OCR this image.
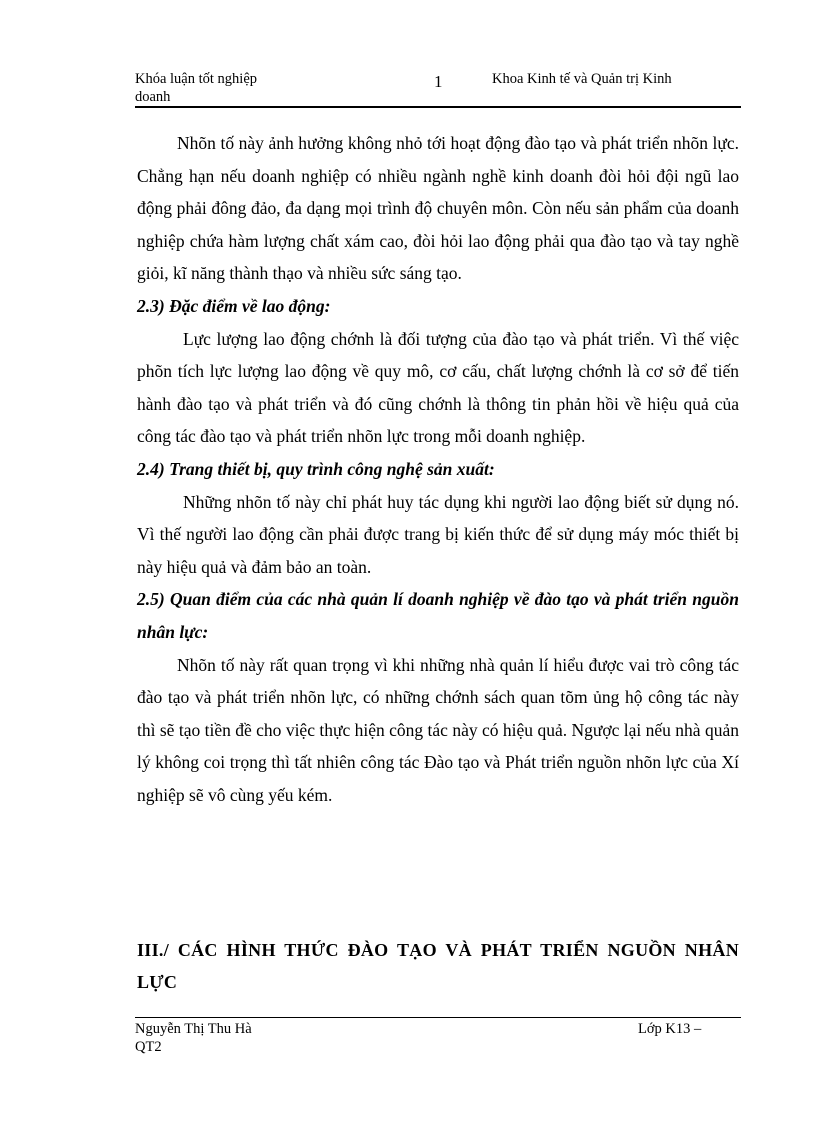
Khóa luận tốt nghiệp
doanh
1	Khoa Kinh tế và Quản trị Kinh

Nhõn tố này ảnh hưởng không nhỏ tới hoạt động đào tạo và phát triển nhõn lực. Chẳng hạn nếu doanh nghiệp có nhiều ngành nghề kinh doanh đòi hỏi đội ngũ lao động phải đông đảo, đa dạng mọi trình độ chuyên môn. Còn nếu sản phẩm của doanh nghiệp chứa hàm lượng chất xám cao, đòi hỏi lao động phải qua đào tạo và tay nghề giỏi, kĩ năng thành thạo và nhiều sức sáng tạo.

2.3) Đặc điểm về lao động:

Lực lượng lao động chớnh là đối tượng của đào tạo và phát triển. Vì thế việc phõn tích lực lượng lao động về quy mô, cơ cấu, chất lượng chớnh là cơ sở để tiến hành đào tạo và phát triển và đó cũng chớnh là thông tin phản hồi về hiệu quả của công tác đào tạo và phát triển nhõn lực trong mỗi doanh nghiệp.

2.4) Trang thiết bị, quy trình công nghệ sản xuất:

Những nhõn tố này chỉ phát huy tác dụng khi người lao động biết sử dụng nó. Vì thế người lao động cần phải được trang bị kiến thức để sử dụng máy móc thiết bị này hiệu quả và đảm bảo an toàn.

2.5) Quan điểm của các nhà quản lí doanh nghiệp về đào tạo và phát triển nguồn nhân lực:

Nhõn tố này rất quan trọng vì khi những nhà quản lí hiểu được vai trò công tác đào tạo và phát triển nhõn lực, có những chớnh sách quan tõm ủng hộ công tác này thì sẽ tạo tiền đề cho việc thực hiện công tác này có hiệu quả. Ngược lại nếu nhà quản lý không coi trọng thì tất nhiên công tác Đào tạo và Phát triển nguồn nhõn lực của Xí nghiệp sẽ vô cùng yếu kém.

III./ CÁC HÌNH THỨC ĐÀO TẠO VÀ PHÁT TRIỂN NGUỒN NHÂN LỰC
Nguyễn Thị Thu Hà
QT2
Lớp K13 –
